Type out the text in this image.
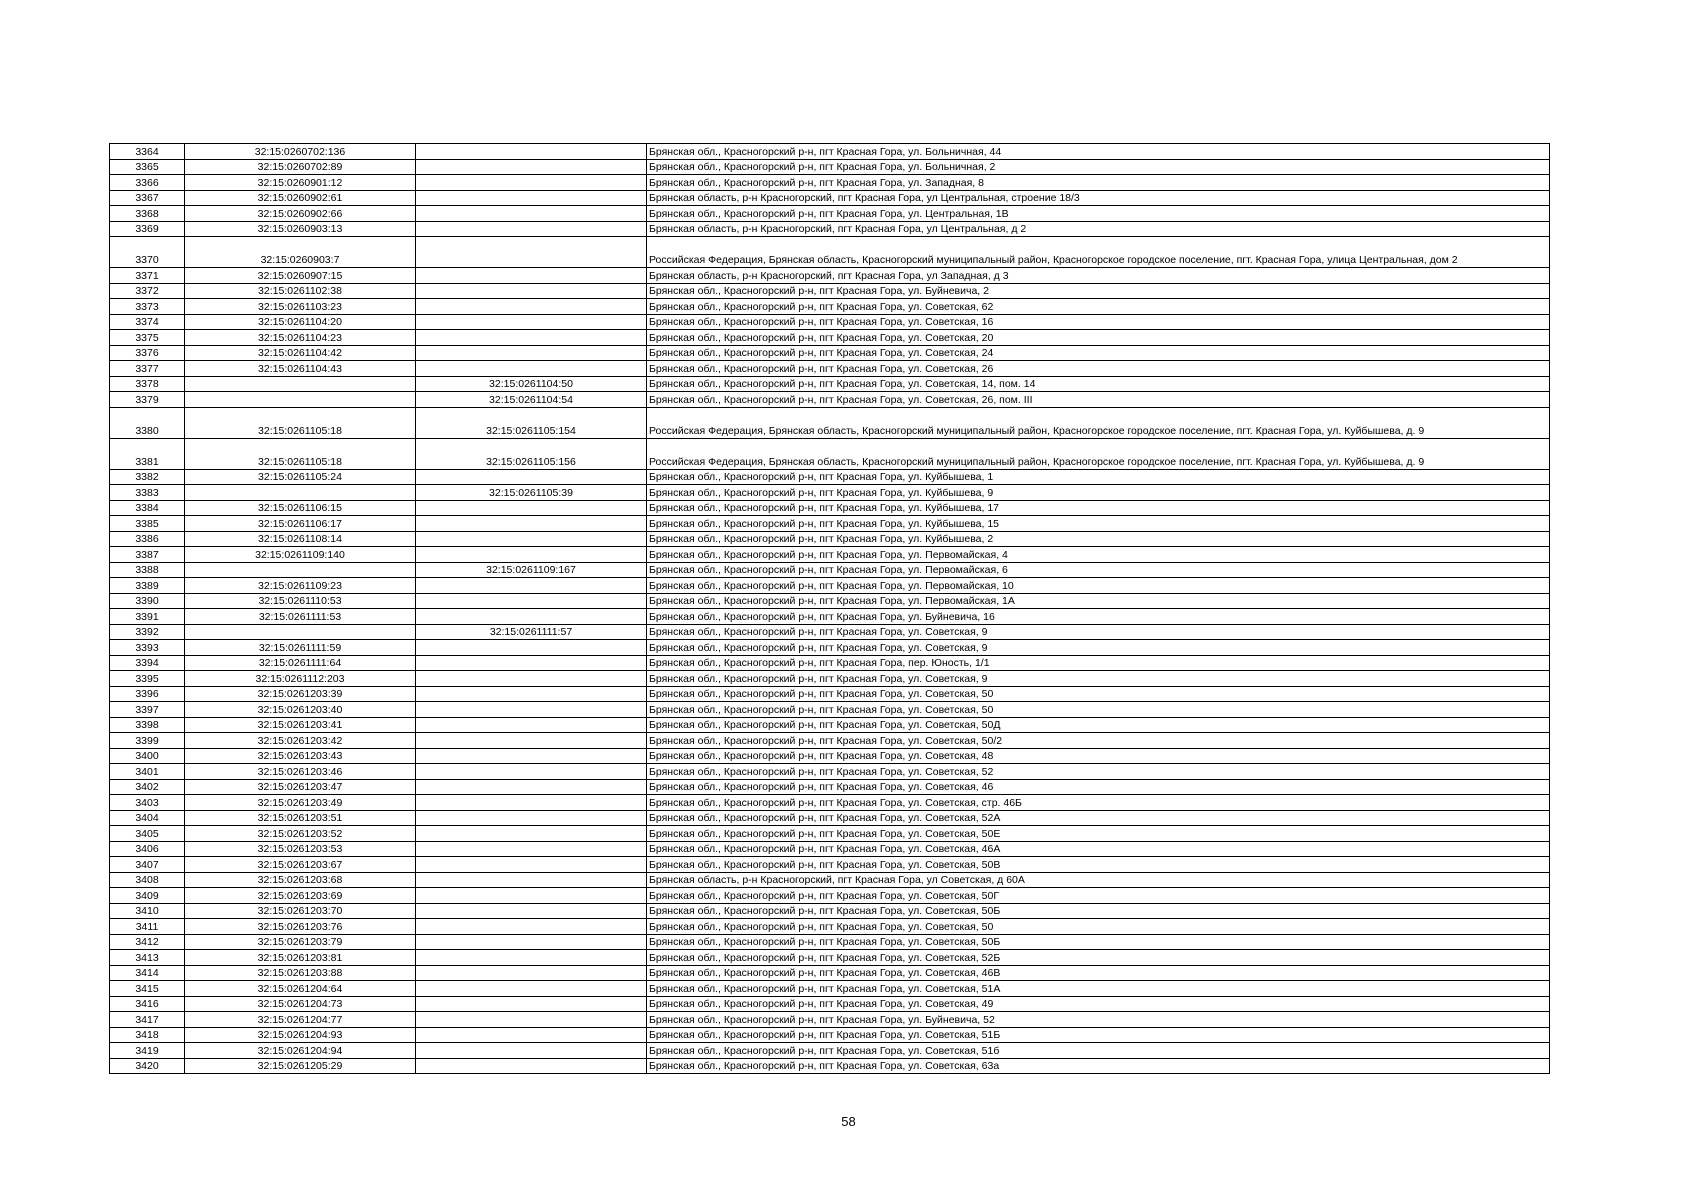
3364	32:15:0260702:136		Брянская обл., Красногорский р-н, пгт Красная Гора, ул. Больничная, 44
3365	32:15:0260702:89		Брянская обл., Красногорский р-н, пгт Красная Гора, ул. Больничная, 2
3366	32:15:0260901:12		Брянская обл., Красногорский р-н, пгт Красная Гора, ул. Западная, 8
3367	32:15:0260902:61		Брянская область, р-н Красногорский, пгт Красная Гора, ул Центральная, строение 18/3
3368	32:15:0260902:66		Брянская обл., Красногорский р-н, пгт Красная Гора, ул. Центральная, 1В
3369	32:15:0260903:13		Брянская область, р-н Красногорский, пгт Красная Гора, ул Центральная, д 2
3370	32:15:0260903:7		Российская Федерация, Брянская область, Красногорский муниципальный район, Красногорское городское поселение, пгт. Красная Гора, улица Центральная, дом 2
3371	32:15:0260907:15		Брянская область, р-н Красногорский, пгт Красная Гора, ул Западная, д 3
3372	32:15:0261102:38		Брянская обл., Красногорский р-н, пгт Красная Гора, ул. Буйневича, 2
3373	32:15:0261103:23		Брянская обл., Красногорский р-н, пгт Красная Гора, ул. Советская, 62
3374	32:15:0261104:20		Брянская обл., Красногорский р-н, пгт Красная Гора, ул. Советская, 16
3375	32:15:0261104:23		Брянская обл., Красногорский р-н, пгт Красная Гора, ул. Советская, 20
3376	32:15:0261104:42		Брянская обл., Красногорский р-н, пгт Красная Гора, ул. Советская, 24
3377	32:15:0261104:43		Брянская обл., Красногорский р-н, пгт Красная Гора, ул. Советская, 26
3378		32:15:0261104:50	Брянская обл., Красногорский р-н, пгт Красная Гора, ул. Советская, 14, пом. 14
3379		32:15:0261104:54	Брянская обл., Красногорский р-н, пгт Красная Гора, ул. Советская, 26, пом. III
3380	32:15:0261105:18	32:15:0261105:154	Российская Федерация, Брянская область, Красногорский муниципальный район, Красногорское городское поселение, пгт. Красная Гора, ул. Куйбышева, д. 9
3381	32:15:0261105:18	32:15:0261105:156	Российская Федерация, Брянская область, Красногорский муниципальный район, Красногорское городское поселение, пгт. Красная Гора, ул. Куйбышева, д. 9
3382	32:15:0261105:24		Брянская обл., Красногорский р-н, пгт Красная Гора, ул. Куйбышева, 1
3383		32:15:0261105:39	Брянская обл., Красногорский р-н, пгт Красная Гора, ул. Куйбышева, 9
3384	32:15:0261106:15		Брянская обл., Красногорский р-н, пгт Красная Гора, ул. Куйбышева, 17
3385	32:15:0261106:17		Брянская обл., Красногорский р-н, пгт Красная Гора, ул. Куйбышева, 15
3386	32:15:0261108:14		Брянская обл., Красногорский р-н, пгт Красная Гора, ул. Куйбышева, 2
3387	32:15:0261109:140		Брянская обл., Красногорский р-н, пгт Красная Гора, ул. Первомайская, 4
3388		32:15:0261109:167	Брянская обл., Красногорский р-н, пгт Красная Гора, ул. Первомайская, 6
3389	32:15:0261109:23		Брянская обл., Красногорский р-н, пгт Красная Гора, ул. Первомайская, 10
3390	32:15:0261110:53		Брянская обл., Красногорский р-н, пгт Красная Гора, ул. Первомайская, 1А
3391	32:15:0261111:53		Брянская обл., Красногорский р-н, пгт Красная Гора, ул. Буйневича, 16
3392		32:15:0261111:57	Брянская обл., Красногорский р-н, пгт Красная Гора, ул. Советская, 9
3393	32:15:0261111:59		Брянская обл., Красногорский р-н, пгт Красная Гора, ул. Советская, 9
3394	32:15:0261111:64		Брянская обл., Красногорский р-н, пгт Красная Гора, пер. Юность, 1/1
3395	32:15:0261112:203		Брянская обл., Красногорский р-н, пгт Красная Гора, ул. Советская, 9
3396	32:15:0261203:39		Брянская обл., Красногорский р-н, пгт Красная Гора, ул. Советская, 50
3397	32:15:0261203:40		Брянская обл., Красногорский р-н, пгт Красная Гора, ул. Советская, 50
3398	32:15:0261203:41		Брянская обл., Красногорский р-н, пгт Красная Гора, ул. Советская, 50Д
3399	32:15:0261203:42		Брянская обл., Красногорский р-н, пгт Красная Гора, ул. Советская, 50/2
3400	32:15:0261203:43		Брянская обл., Красногорский р-н, пгт Красная Гора, ул. Советская, 48
3401	32:15:0261203:46		Брянская обл., Красногорский р-н, пгт Красная Гора, ул. Советская, 52
3402	32:15:0261203:47		Брянская обл., Красногорский р-н, пгт Красная Гора, ул. Советская, 46
3403	32:15:0261203:49		Брянская обл., Красногорский р-н, пгт Красная Гора, ул. Советская, стр. 46Б
3404	32:15:0261203:51		Брянская обл., Красногорский р-н, пгт Красная Гора, ул. Советская, 52А
3405	32:15:0261203:52		Брянская обл., Красногорский р-н, пгт Красная Гора, ул. Советская, 50Е
3406	32:15:0261203:53		Брянская обл., Красногорский р-н, пгт Красная Гора, ул. Советская, 46А
3407	32:15:0261203:67		Брянская обл., Красногорский р-н, пгт Красная Гора, ул. Советская, 50В
3408	32:15:0261203:68		Брянская область, р-н Красногорский, пгт Красная Гора, ул Советская, д 60А
3409	32:15:0261203:69		Брянская обл., Красногорский р-н, пгт Красная Гора, ул. Советская, 50Г
3410	32:15:0261203:70		Брянская обл., Красногорский р-н, пгт Красная Гора, ул. Советская, 50Б
3411	32:15:0261203:76		Брянская обл., Красногорский р-н, пгт Красная Гора, ул. Советская, 50
3412	32:15:0261203:79		Брянская обл., Красногорский р-н, пгт Красная Гора, ул. Советская, 50Б
3413	32:15:0261203:81		Брянская обл., Красногорский р-н, пгт Красная Гора, ул. Советская, 52Б
3414	32:15:0261203:88		Брянская обл., Красногорский р-н, пгт Красная Гора, ул. Советская, 46В
3415	32:15:0261204:64		Брянская обл., Красногорский р-н, пгт Красная Гора, ул. Советская, 51А
3416	32:15:0261204:73		Брянская обл., Красногорский р-н, пгт Красная Гора, ул. Советская, 49
3417	32:15:0261204:77		Брянская обл., Красногорский р-н, пгт Красная Гора, ул. Буйневича, 52
3418	32:15:0261204:93		Брянская обл., Красногорский р-н, пгт Красная Гора, ул. Советская, 51Б
3419	32:15:0261204:94		Брянская обл., Красногорский р-н, пгт Красная Гора, ул. Советская, 51б
3420	32:15:0261205:29		Брянская обл., Красногорский р-н, пгт Красная Гора, ул. Советская, 63а
58
